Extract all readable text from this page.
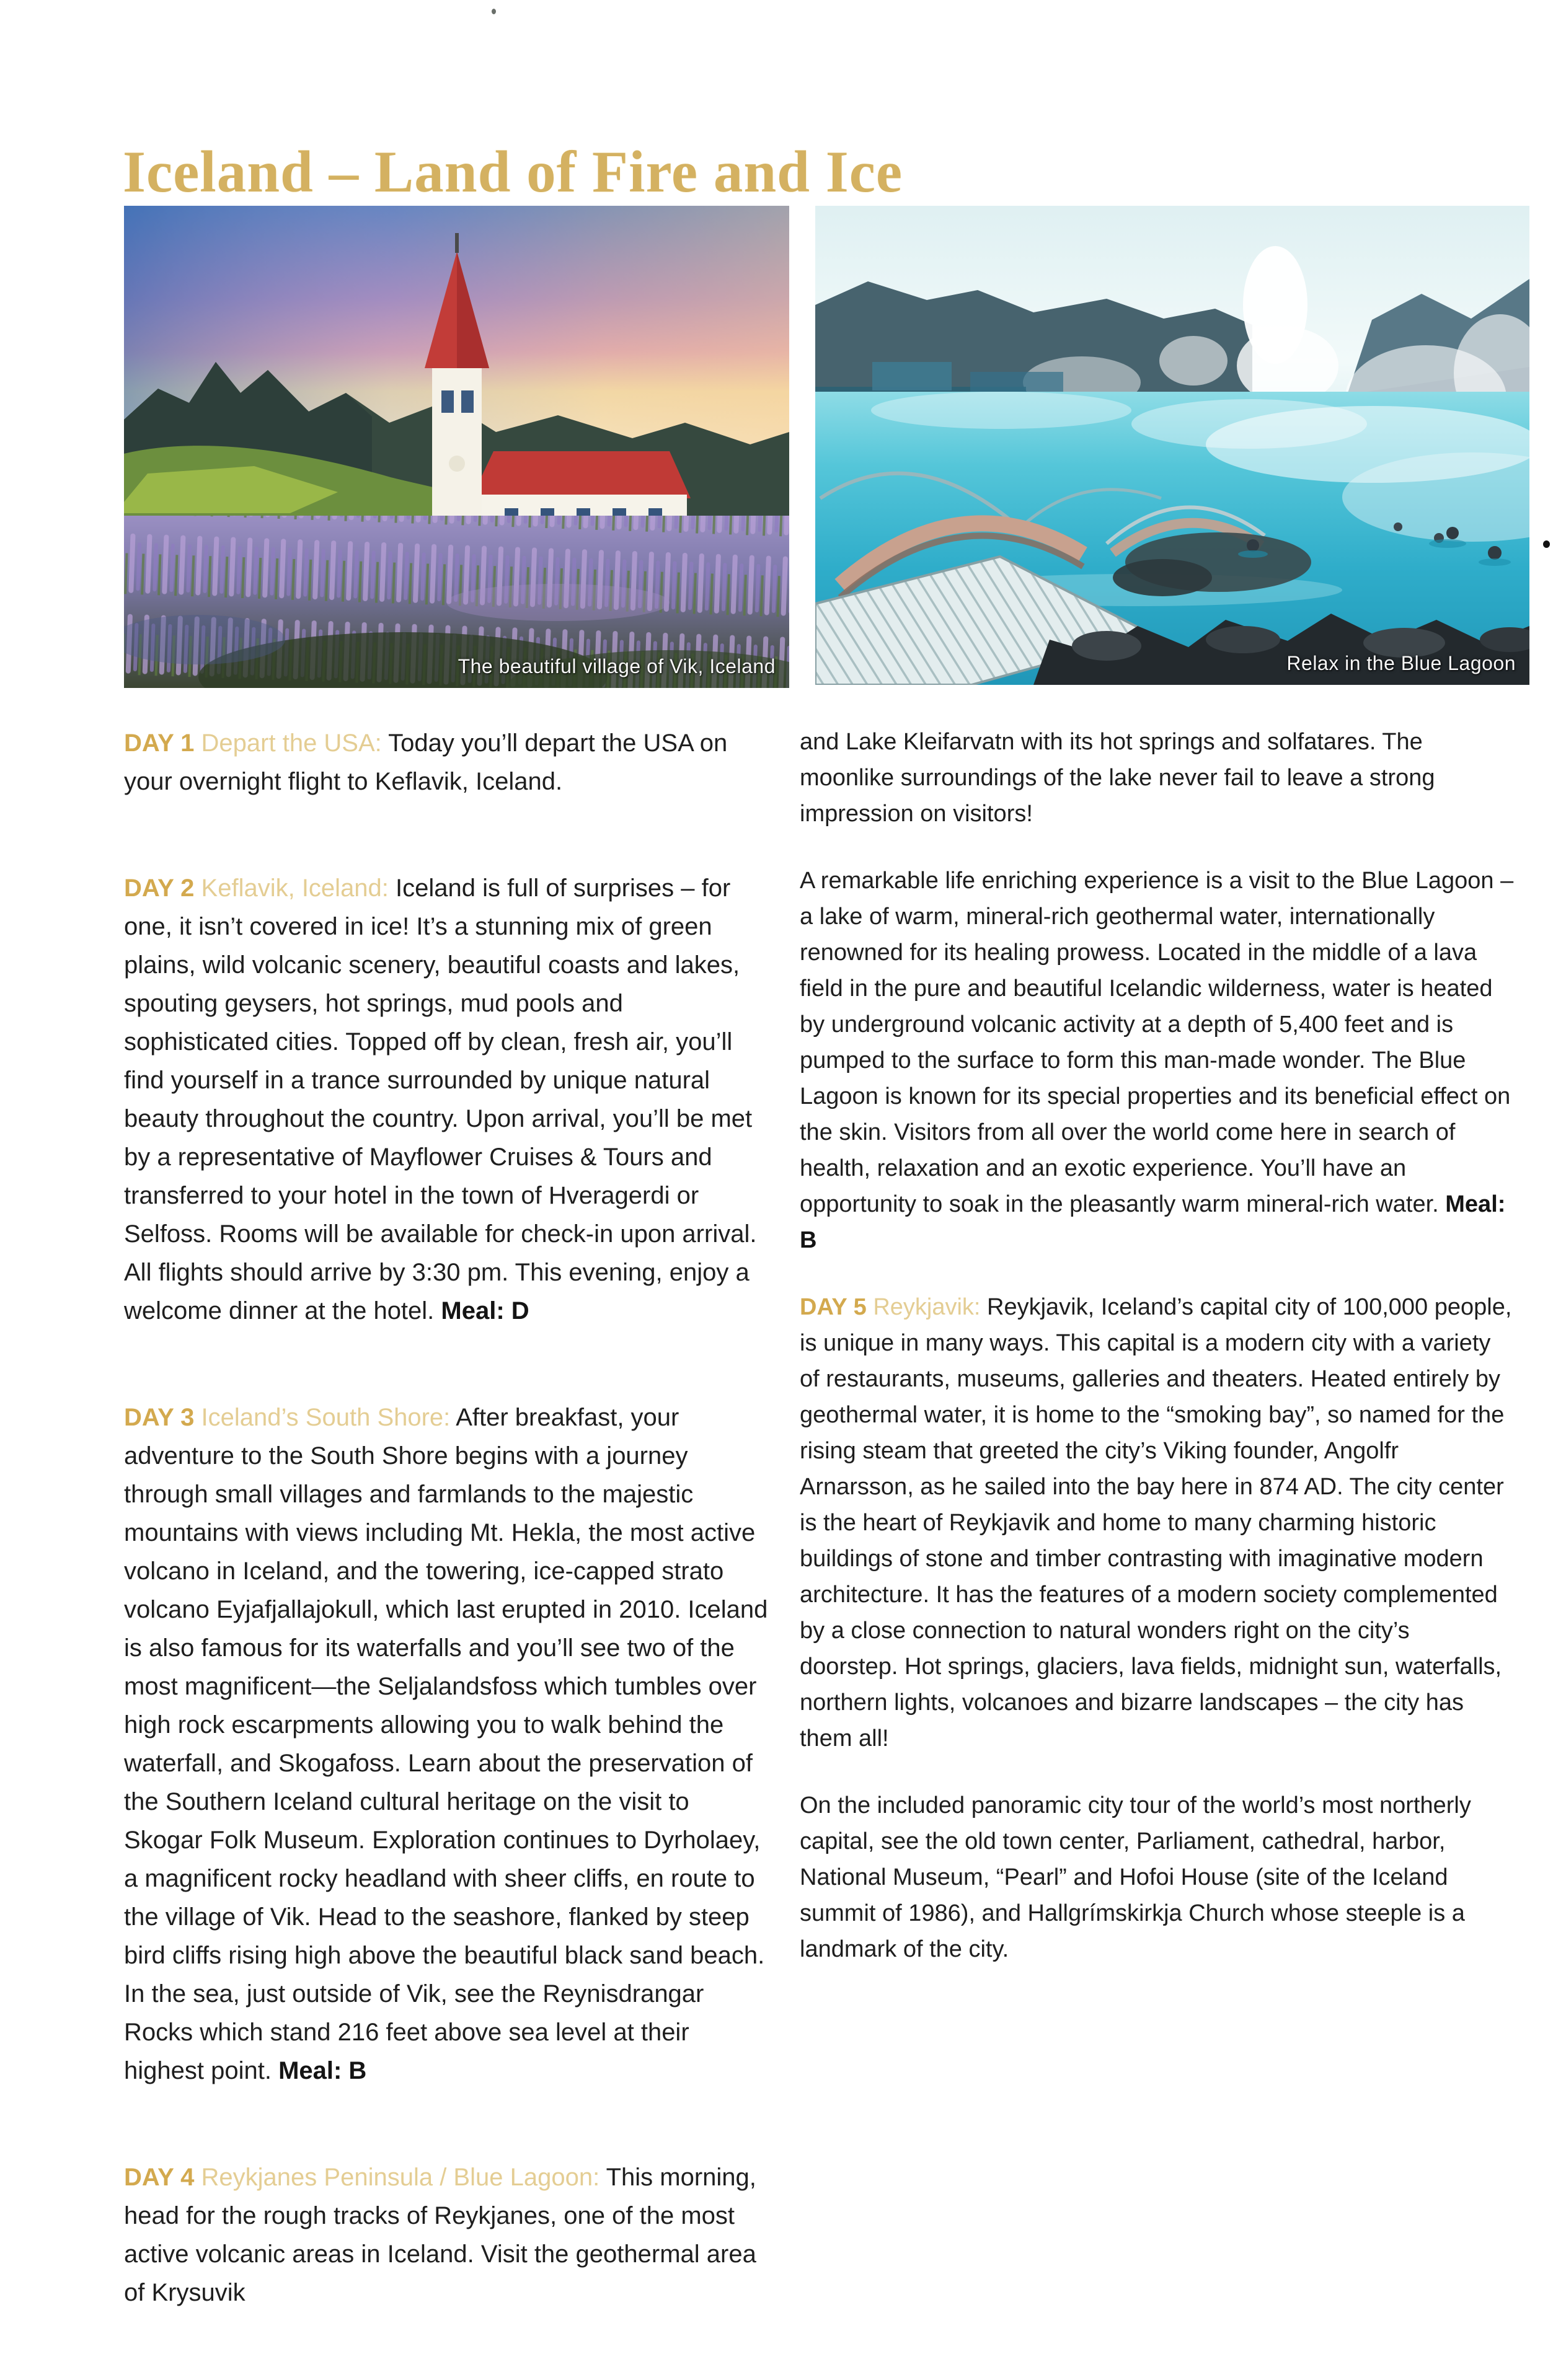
Iceland – Land of Fire and Ice
The beautiful village of Vik, Iceland	Relax in the Blue Lagoon

DAY 1 Depart the USA: Today you’ll depart the USA on your overnight flight to Keflavik, Iceland.

DAY 2 Keflavik, Iceland: Iceland is full of surprises – for one, it isn’t covered in ice! It’s a stunning mix of green plains, wild volcanic scenery, beautiful coasts and lakes, spouting geysers, hot springs, mud pools and sophisticated cities. Topped off by clean, fresh air, you’ll find yourself in a trance surrounded by unique natural beauty throughout the country. Upon arrival, you’ll be met by a representative of Mayflower Cruises & Tours and transferred to your hotel in the town of Hveragerdi or Selfoss. Rooms will be available for check-in upon arrival. All flights should arrive by 3:30 pm. This evening, enjoy a welcome dinner at the hotel. Meal: D

DAY 3 Iceland’s South Shore: After breakfast, your adventure to the South Shore begins with a journey through small villages and farmlands to the majestic mountains with views including Mt. Hekla, the most active volcano in Iceland, and the towering, ice-capped strato volcano Eyjafjallajokull, which last erupted in 2010. Iceland is also famous for its waterfalls and you’ll see two of the most magnificent—the Seljalandsfoss which tumbles over high rock escarpments allowing you to walk behind the waterfall, and Skogafoss. Learn about the preservation of the Southern Iceland cultural heritage on the visit to Skogar Folk Museum. Exploration continues to Dyrholaey, a magnificent rocky headland with sheer cliffs, en route to the village of Vik. Head to the seashore, flanked by steep bird cliffs rising high above the beautiful black sand beach. In the sea, just outside of Vik, see the Reynisdrangar Rocks which stand 216 feet above sea level at their highest point. Meal: B

DAY 4 Reykjanes Peninsula / Blue Lagoon: This morning, head for the rough tracks of Reykjanes, one of the most active volcanic areas in Iceland. Visit the geothermal area of Krysuvik

and Lake Kleifarvatn with its hot springs and solfatares. The moonlike surroundings of the lake never fail to leave a strong impression on visitors!

A remarkable life enriching experience is a visit to the Blue Lagoon – a lake of warm, mineral-rich geothermal water, internationally renowned for its healing prowess. Located in the middle of a lava field in the pure and beautiful Icelandic wilderness, water is heated by underground volcanic activity at a depth of 5,400 feet and is pumped to the surface to form this man-made wonder. The Blue Lagoon is known for its special properties and its beneficial effect on the skin. Visitors from all over the world come here in search of health, relaxation and an exotic experience. You’ll have an opportunity to soak in the pleasantly warm mineral-rich water. Meal: B

DAY 5 Reykjavik: Reykjavik, Iceland’s capital city of 100,000 people, is unique in many ways. This capital is a modern city with a variety of restaurants, museums, galleries and theaters. Heated entirely by geothermal water, it is home to the “smoking bay”, so named for the rising steam that greeted the city’s Viking founder, Angolfr Arnarsson, as he sailed into the bay here in 874 AD. The city center is the heart of Reykjavik and home to many charming historic buildings of stone and timber contrasting with imaginative modern architecture. It has the features of a modern society complemented by a close connection to natural wonders right on the city’s doorstep. Hot springs, glaciers, lava fields, midnight sun, waterfalls, northern lights, volcanoes and bizarre landscapes – the city has them all!

On the included panoramic city tour of the world’s most northerly capital, see the old town center, Parliament, cathedral, harbor, National Museum, “Pearl” and Hofoi House (site of the Iceland summit of 1986), and Hallgrímskirkja Church whose steeple is a landmark of the city.
